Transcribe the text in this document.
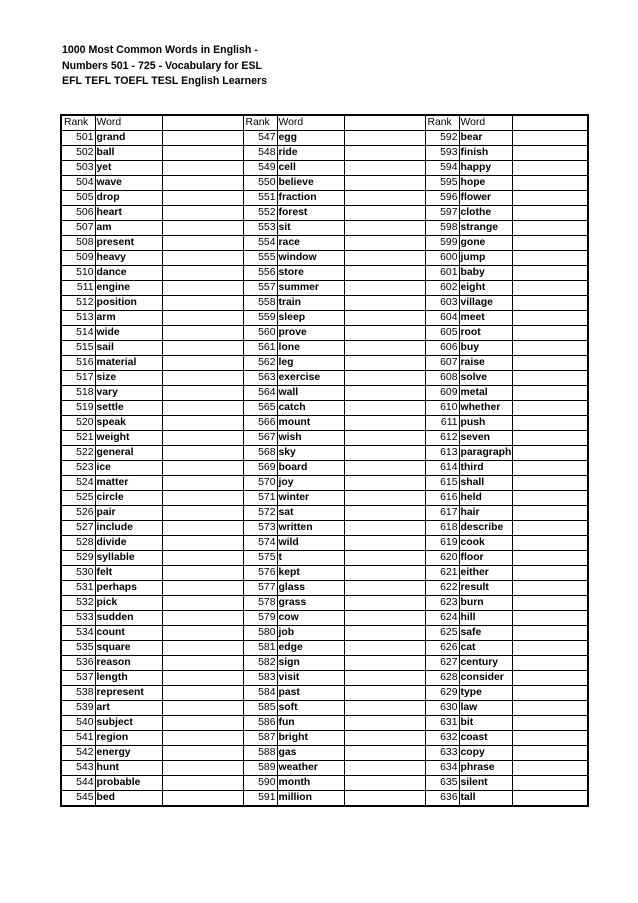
1000 Most Common Words in English -
Numbers 501 - 725 - Vocabulary for ESL
EFL TEFL TOEFL TESL English Learners
Rank	Word		Rank	Word		Rank	Word	
501	grand		547	egg		592	bear	
502	ball		548	ride		593	finish	
503	yet		549	cell		594	happy	
504	wave		550	believe		595	hope	
505	drop		551	fraction		596	flower	
506	heart		552	forest		597	clothe	
507	am		553	sit		598	strange	
508	present		554	race		599	gone	
509	heavy		555	window		600	jump	
510	dance		556	store		601	baby	
511	engine		557	summer		602	eight	
512	position		558	train		603	village	
513	arm		559	sleep		604	meet	
514	wide		560	prove		605	root	
515	sail		561	lone		606	buy	
516	material		562	leg		607	raise	
517	size		563	exercise		608	solve	
518	vary		564	wall		609	metal	
519	settle		565	catch		610	whether	
520	speak		566	mount		611	push	
521	weight		567	wish		612	seven	
522	general		568	sky		613	paragraph	
523	ice		569	board		614	third	
524	matter		570	joy		615	shall	
525	circle		571	winter		616	held	
526	pair		572	sat		617	hair	
527	include		573	written		618	describe	
528	divide		574	wild		619	cook	
529	syllable		575	t		620	floor	
530	felt		576	kept		621	either	
531	perhaps		577	glass		622	result	
532	pick		578	grass		623	burn	
533	sudden		579	cow		624	hill	
534	count		580	job		625	safe	
535	square		581	edge		626	cat	
536	reason		582	sign		627	century	
537	length		583	visit		628	consider	
538	represent		584	past		629	type	
539	art		585	soft		630	law	
540	subject		586	fun		631	bit	
541	region		587	bright		632	coast	
542	energy		588	gas		633	copy	
543	hunt		589	weather		634	phrase	
544	probable		590	month		635	silent	
545	bed		591	million		636	tall	
